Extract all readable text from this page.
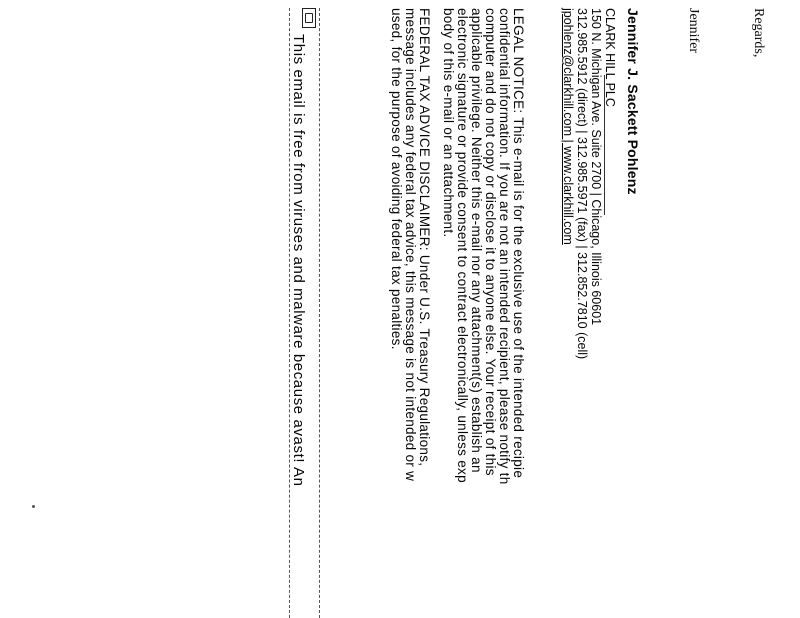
Regards,
Jennifer
Jennifer J. Sackett Pohlenz
CLARK HILL PLC
150 N. Michigan Ave. Suite 2700 | Chicago, Illinois 60601
312.985.5912 (direct) | 312.985.5971 (fax) | 312.852.7810 (cell)
jpohlenz@clarkhill.com | www.clarkhill.com
LEGAL NOTICE: This e-mail is for the exclusive use of the intended recipie
confidential information. If you are not an intended recipient, please notify th
computer and do not copy or disclose it to anyone else. Your receipt of this
applicable privilege. Neither this e-mail nor any attachment(s) establish an
electronic signature or provide consent to contract electronically, unless exp
body of this e-mail or an attachment.
FEDERAL TAX ADVICE DISCLAIMER: Under U.S. Treasury Regulations,
message includes any federal tax advice, this message is not intended or w
used, for the purpose of avoiding federal tax penalties.
This email is free from viruses and malware because avast! An
